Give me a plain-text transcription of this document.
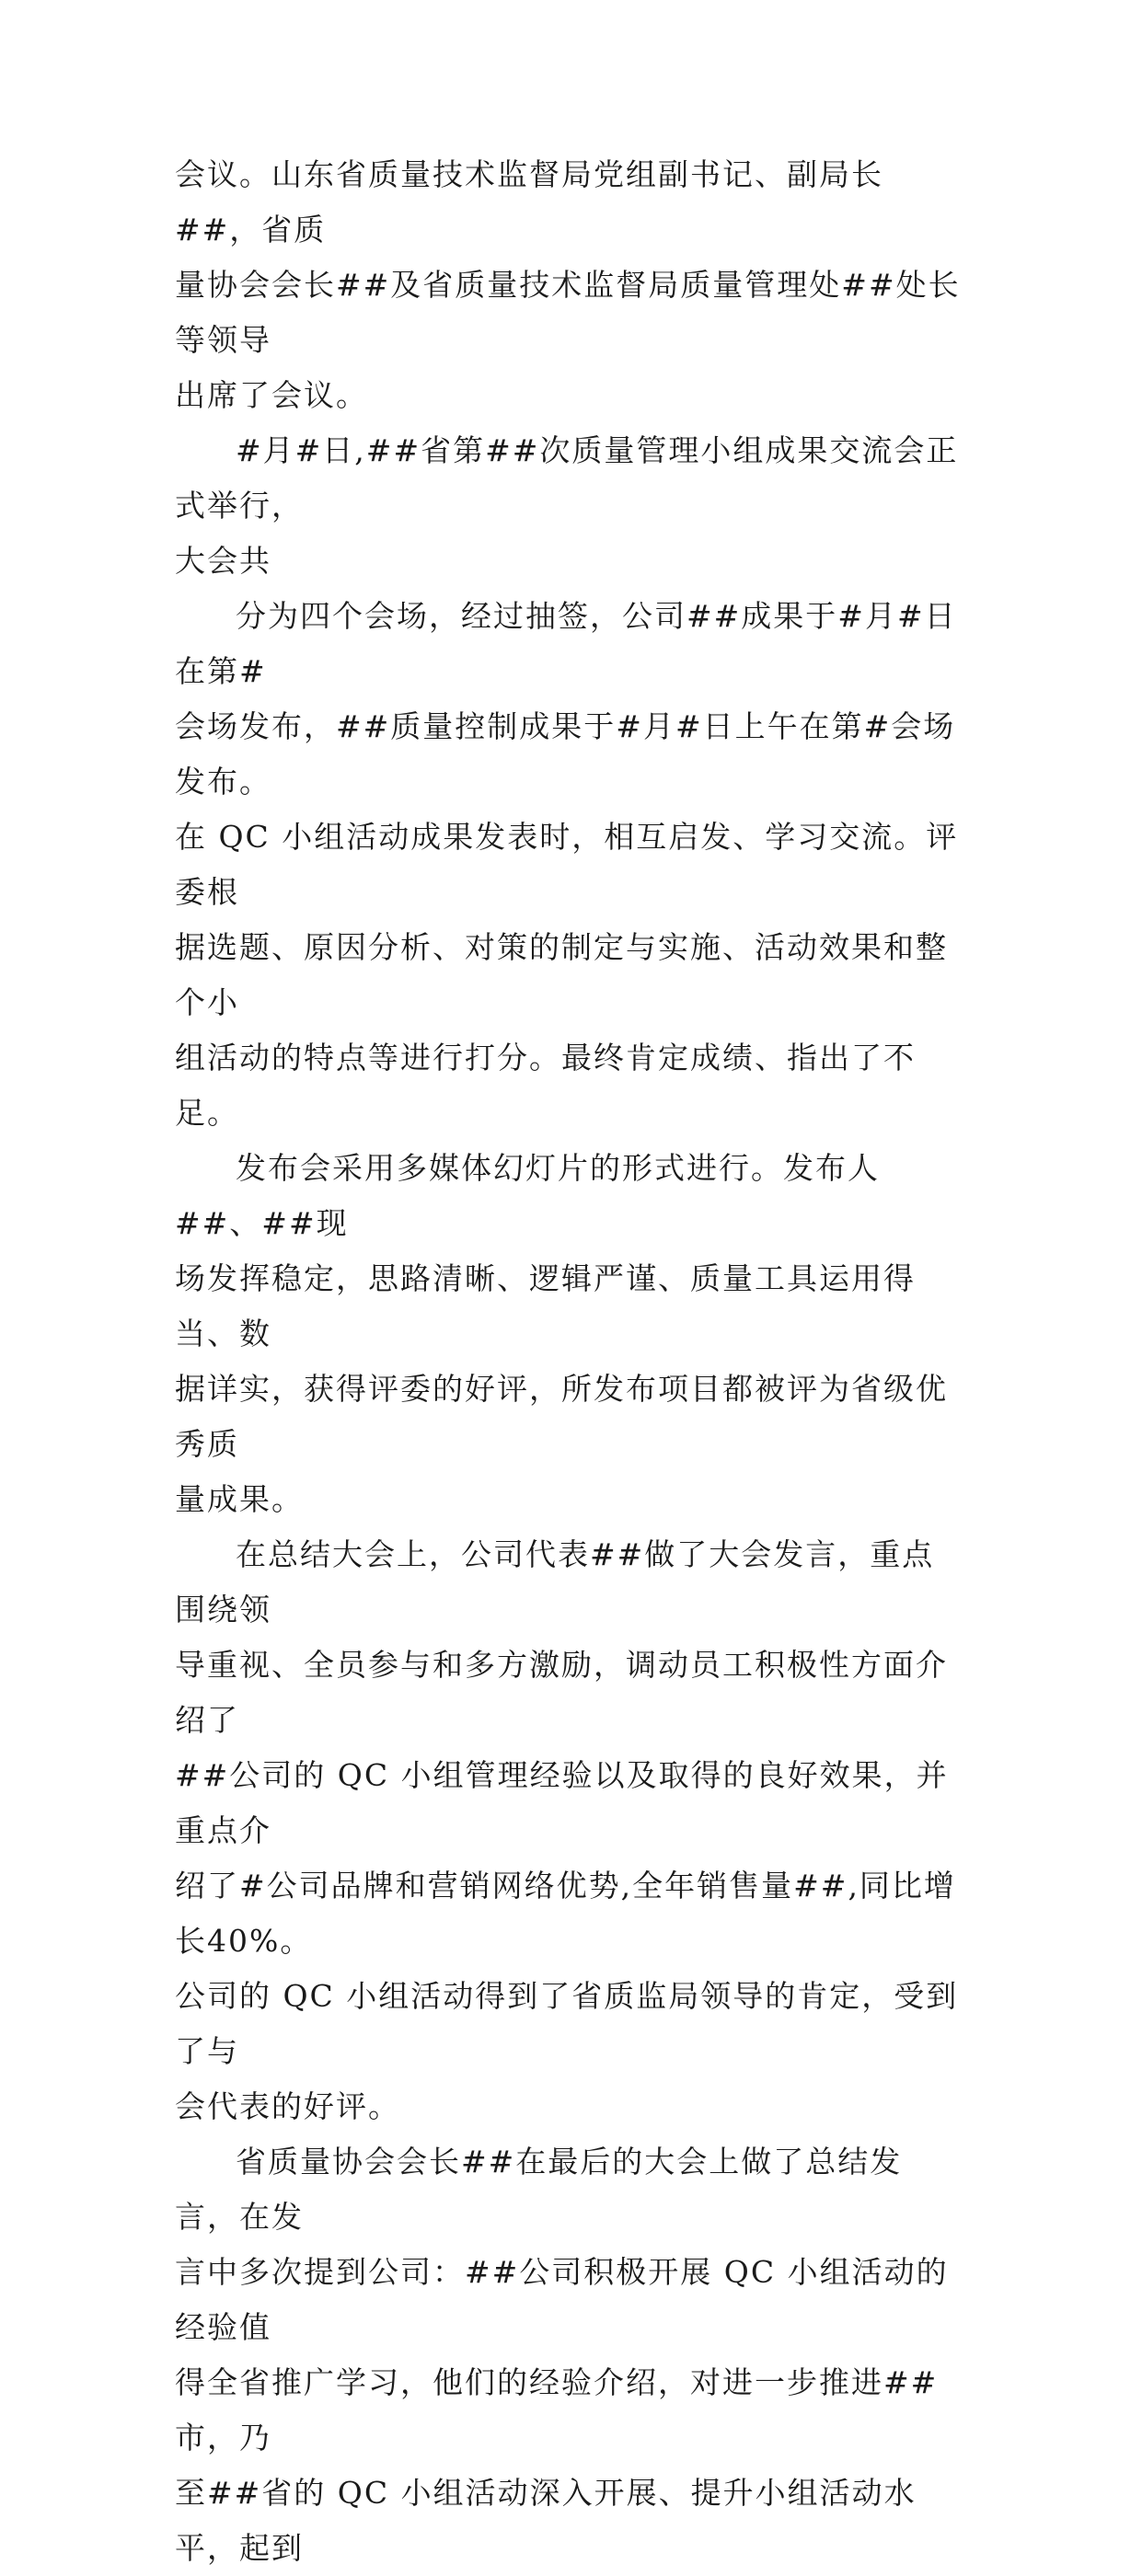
会议。山东省质量技术监督局党组副书记、副局长##，省质
量协会会长##及省质量技术监督局质量管理处##处长等领导
出席了会议。

#月#日,##省第##次质量管理小组成果交流会正式举行，
大会共

分为四个会场，经过抽签，公司##成果于#月#日在第#
会场发布，##质量控制成果于#月#日上午在第#会场发布。
在 QC 小组活动成果发表时，相互启发、学习交流。评委根
据选题、原因分析、对策的制定与实施、活动效果和整个小
组活动的特点等进行打分。最终肯定成绩、指出了不足。

发布会采用多媒体幻灯片的形式进行。发布人##、##现
场发挥稳定，思路清晰、逻辑严谨、质量工具运用得当、数
据详实，获得评委的好评，所发布项目都被评为省级优秀质
量成果。

在总结大会上，公司代表##做了大会发言，重点围绕领
导重视、全员参与和多方激励，调动员工积极性方面介绍了
##公司的 QC 小组管理经验以及取得的良好效果，并重点介
绍了#公司品牌和营销网络优势,全年销售量##,同比增长40%。
公司的 QC 小组活动得到了省质监局领导的肯定，受到了与
会代表的好评。

省质量协会会长##在最后的大会上做了总结发言，在发
言中多次提到公司：##公司积极开展 QC 小组活动的经验值
得全省推广学习，他们的经验介绍，对进一步推进##市，乃
至##省的 QC 小组活动深入开展、提升小组活动水平，起到
